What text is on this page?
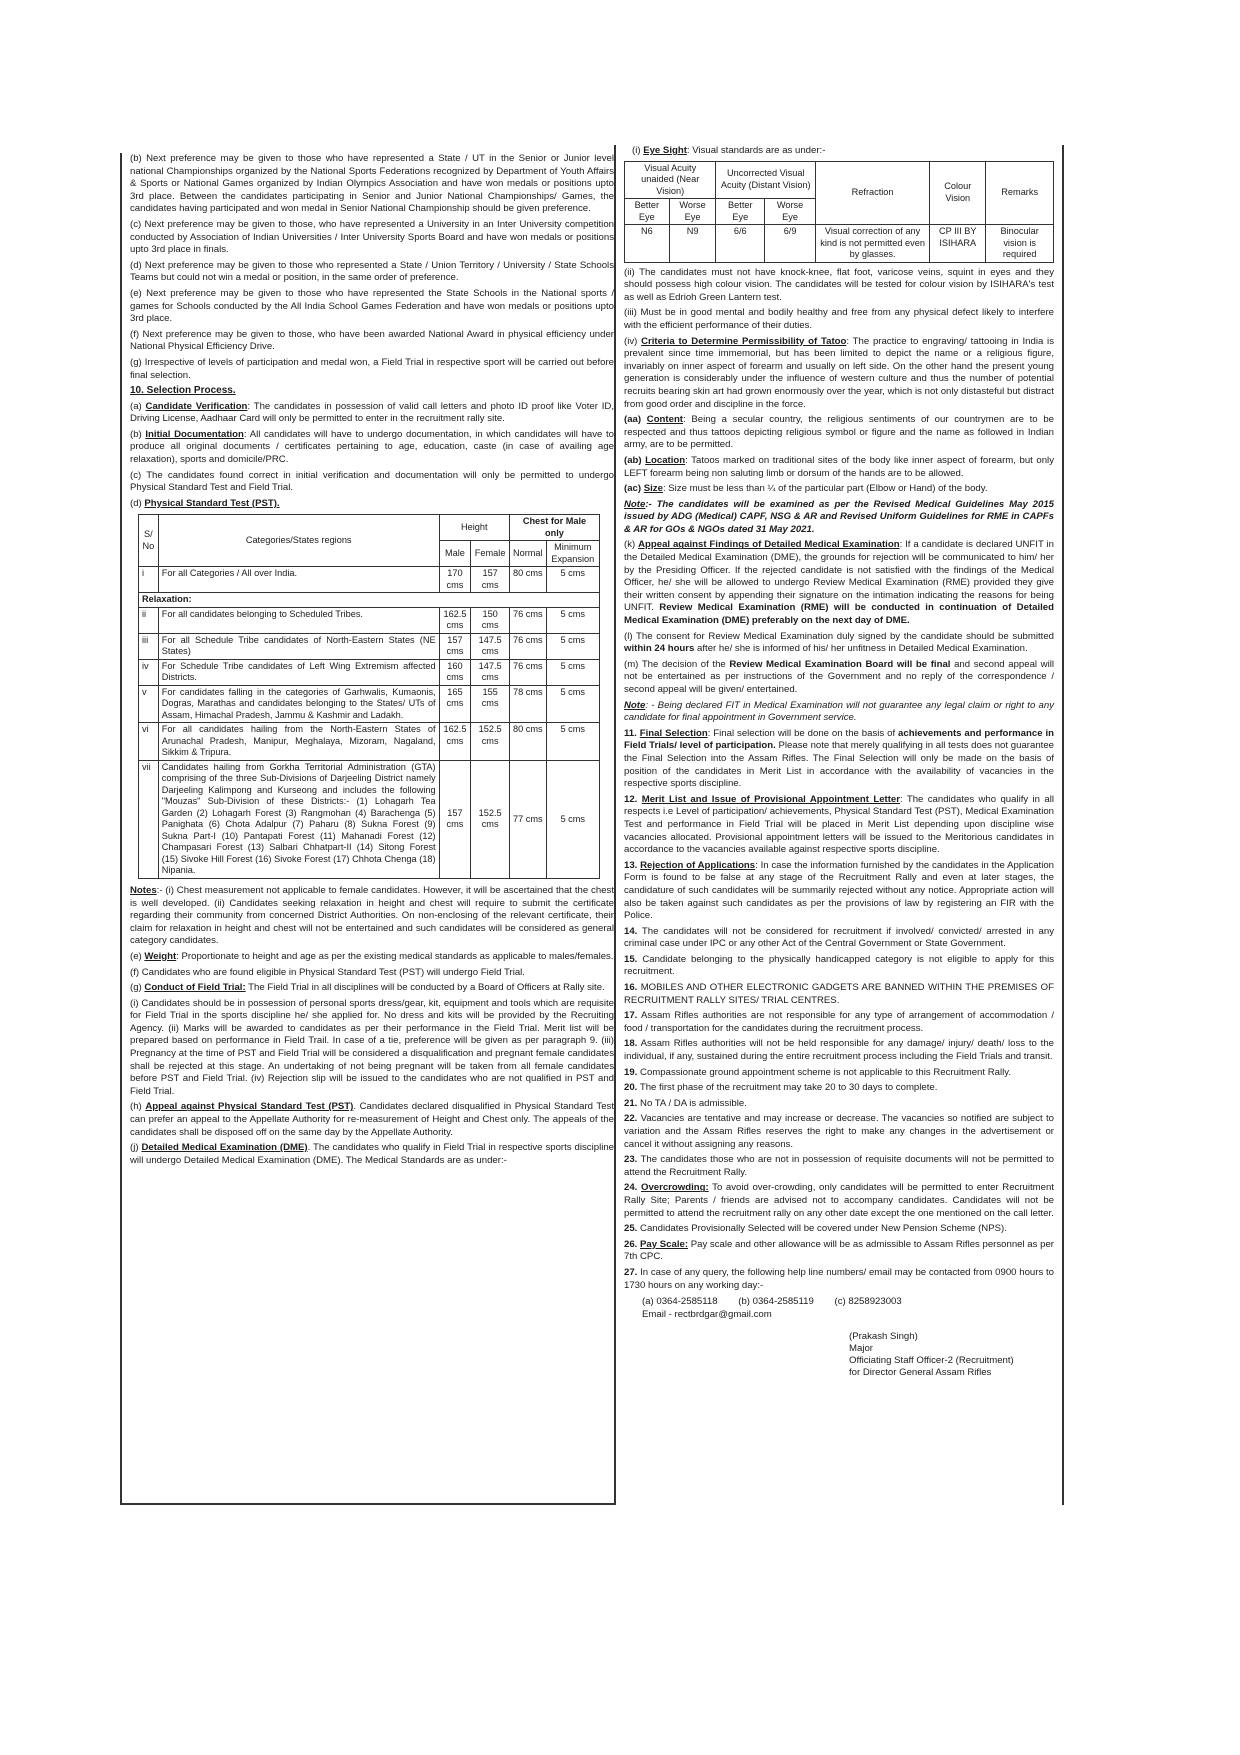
(b) Next preference may be given to those who have represented a State / UT in the Senior or Junior level national Championships organized by the National Sports Federations recognized by Department of Youth Affairs & Sports or National Games organized by Indian Olympics Association and have won medals or positions upto 3rd place. Between the candidates participating in Senior and Junior National Championships/ Games, the candidates having participated and won medal in Senior National Championship should be given preference.

(c) Next preference may be given to those, who have represented a University in an Inter University competition conducted by Association of Indian Universities / Inter University Sports Board and have won medals or positions upto 3rd place in finals.

(d) Next preference may be given to those who represented a State / Union Territory / University / State Schools Teams but could not win a medal or position, in the same order of preference.

(e) Next preference may be given to those who have represented the State Schools in the National sports / games for Schools conducted by the All India School Games Federation and have won medals or positions upto 3rd place.

(f) Next preference may be given to those, who have been awarded National Award in physical efficiency under National Physical Efficiency Drive.

(g) Irrespective of levels of participation and medal won, a Field Trial in respective sport will be carried out before final selection.

10. Selection Process.

(a) Candidate Verification: The candidates in possession of valid call letters and photo ID proof like Voter ID, Driving License, Aadhaar Card will only be permitted to enter in the recruitment rally site.

(b) Initial Documentation: All candidates will have to undergo documentation, in which candidates will have to produce all original documents / certificates pertaining to age, education, caste (in case of availing age relaxation), sports and domicile/PRC.

(c) The candidates found correct in initial verification and documentation will only be permitted to undergo Physical Standard Test and Field Trial.

(d) Physical Standard Test (PST).

S/ No	Categories/States regions	Height		Chest for Male only	
		Male	Female	Normal	Minimum Expansion
i	For all Categories / All over India.	170 cms	157 cms	80 cms	5 cms
Relaxation:					
ii	For all candidates belonging to Scheduled Tribes.	162.5 cms	150 cms	76 cms	5 cms
iii	For all Schedule Tribe candidates of North-Eastern States (NE States)	157 cms	147.5 cms	76 cms	5 cms
iv	For Schedule Tribe candidates of Left Wing Extremism affected Districts.	160 cms	147.5 cms	76 cms	5 cms
v	For candidates falling in the categories of Garhwalis, Kumaonis, Dogras, Marathas and candidates belonging to the States/ UTs of Assam, Himachal Pradesh, Jammu & Kashmir and Ladakh.	165 cms	155 cms	78 cms	5 cms
vi	For all candidates hailing from the North-Eastern States of Arunachal Pradesh, Manipur, Meghalaya, Mizoram, Nagaland, Sikkim & Tripura.	162.5 cms	152.5 cms	80 cms	5 cms
vii	Candidates hailing from Gorkha Territorial Administration (GTA) comprising of the three Sub-Divisions of Darjeeling District namely Darjeeling Kalimpong and Kurseong and includes the following "Mouzas" Sub-Division of these Districts:- (1) Lohagarh Tea Garden (2) Lohagarh Forest (3) Rangmohan (4) Barachenga (5) Panighata (6) Chota Adalpur (7) Paharu (8) Sukna Forest (9) Sukna Part-I (10) Pantapati Forest (11) Mahanadi Forest (12) Champasari Forest (13) Salbari Chhatpart-II (14) Sitong Forest (15) Sivoke Hill Forest (16) Sivoke Forest (17) Chhota Chenga (18) Nipania.	157 cms	152.5 cms	77 cms	5 cms

Notes:- (i) Chest measurement not applicable to female candidates. However, it will be ascertained that the chest is well developed. (ii) Candidates seeking relaxation in height and chest will require to submit the certificate regarding their community from concerned District Authorities. On non-enclosing of the relevant certificate, their claim for relaxation in height and chest will not be entertained and such candidates will be considered as general category candidates.

(e) Weight: Proportionate to height and age as per the existing medical standards as applicable to males/females.

(f) Candidates who are found eligible in Physical Standard Test (PST) will undergo Field Trial.

(g) Conduct of Field Trial: The Field Trial in all disciplines will be conducted by a Board of Officers at Rally site.

(i) Candidates should be in possession of personal sports dress/gear, kit, equipment and tools which are requisite for Field Trial in the sports discipline he/ she applied for. No dress and kits will be provided by the Recruiting Agency. (ii) Marks will be awarded to candidates as per their performance in the Field Trial. Merit list will be prepared based on performance in Field Trail. In case of a tie, preference will be given as per paragraph 9. (iii) Pregnancy at the time of PST and Field Trial will be considered a disqualification and pregnant female candidates shall be rejected at this stage. An undertaking of not being pregnant will be taken from all female candidates before PST and Field Trial. (iv) Rejection slip will be issued to the candidates who are not qualified in PST and Field Trial.

(h) Appeal against Physical Standard Test (PST). Candidates declared disqualified in Physical Standard Test can prefer an appeal to the Appellate Authority for re-measurement of Height and Chest only. The appeals of the candidates shall be disposed off on the same day by the Appellate Authority.

(j) Detailed Medical Examination (DME). The candidates who qualify in Field Trial in respective sports discipline will undergo Detailed Medical Examination (DME). The Medical Standards are as under:-

(i) Eye Sight: Visual standards are as under:-

Visual Acuity unaided (Near Vision)		Uncorrected Visual Acuity (Distant Vision)		Refraction	Colour Vision	Remarks
Better Eye	Worse Eye	Better Eye	Worse Eye			
N6	N9	6/6	6/9	Visual correction of any kind is not permitted even by glasses.	CP III BY ISIHARA	Binocular vision is required

(ii) The candidates must not have knock-knee, flat foot, varicose veins, squint in eyes and they should possess high colour vision. The candidates will be tested for colour vision by ISIHARA's test as well as Edrioh Green Lantern test.

(iii) Must be in good mental and bodily healthy and free from any physical defect likely to interfere with the efficient performance of their duties.

(iv) Criteria to Determine Permissibility of Tatoo: The practice to engraving/ tattooing in India is prevalent since time immemorial, but has been limited to depict the name or a religious figure, invariably on inner aspect of forearm and usually on left side. On the other hand the present young generation is considerably under the influence of western culture and thus the number of potential recruits bearing skin art had grown enormously over the year, which is not only distasteful but distract from good order and discipline in the force.

(aa) Content: Being a secular country, the religious sentiments of our countrymen are to be respected and thus tattoos depicting religious symbol or figure and the name as followed in Indian army, are to be permitted.

(ab) Location: Tatoos marked on traditional sites of the body like inner aspect of forearm, but only LEFT forearm being non saluting limb or dorsum of the hands are to be allowed.

(ac) Size: Size must be less than ¼ of the particular part (Elbow or Hand) of the body.

Note:- The candidates will be examined as per the Revised Medical Guidelines May 2015 issued by ADG (Medical) CAPF, NSG & AR and Revised Uniform Guidelines for RME in CAPFs & AR for GOs & NGOs dated 31 May 2021.

(k) Appeal against Findings of Detailed Medical Examination: If a candidate is declared UNFIT in the Detailed Medical Examination (DME), the grounds for rejection will be communicated to him/ her by the Presiding Officer. If the rejected candidate is not satisfied with the findings of the Medical Officer, he/ she will be allowed to undergo Review Medical Examination (RME) provided they give their written consent by appending their signature on the intimation indicating the reasons for being UNFIT. Review Medical Examination (RME) will be conducted in continuation of Detailed Medical Examination (DME) preferably on the next day of DME.

(l) The consent for Review Medical Examination duly signed by the candidate should be submitted within 24 hours after he/ she is informed of his/ her unfitness in Detailed Medical Examination.

(m) The decision of the Review Medical Examination Board will be final and second appeal will not be entertained as per instructions of the Government and no reply of the correspondence / second appeal will be given/ entertained.

Note: - Being declared FIT in Medical Examination will not guarantee any legal claim or right to any candidate for final appointment in Government service.

11. Final Selection: Final selection will be done on the basis of achievements and performance in Field Trials/ level of participation. Please note that merely qualifying in all tests does not guarantee the Final Selection into the Assam Rifles. The Final Selection will only be made on the basis of position of the candidates in Merit List in accordance with the availability of vacancies in the respective sports discipline.

12. Merit List and Issue of Provisional Appointment Letter: The candidates who qualify in all respects i.e Level of participation/ achievements, Physical Standard Test (PST), Medical Examination Test and performance in Field Trial will be placed in Merit List depending upon discipline wise vacancies allocated. Provisional appointment letters will be issued to the Meritorious candidates in accordance to the vacancies available against respective sports discipline.

13. Rejection of Applications: In case the information furnished by the candidates in the Application Form is found to be false at any stage of the Recruitment Rally and even at later stages, the candidature of such candidates will be summarily rejected without any notice. Appropriate action will also be taken against such candidates as per the provisions of law by registering an FIR with the Police.

14. The candidates will not be considered for recruitment if involved/ convicted/ arrested in any criminal case under IPC or any other Act of the Central Government or State Government.

15. Candidate belonging to the physically handicapped category is not eligible to apply for this recruitment.

16. MOBILES AND OTHER ELECTRONIC GADGETS ARE BANNED WITHIN THE PREMISES OF RECRUITMENT RALLY SITES/ TRIAL CENTRES.

17. Assam Rifles authorities are not responsible for any type of arrangement of accommodation / food / transportation for the candidates during the recruitment process.

18. Assam Rifles authorities will not be held responsible for any damage/ injury/ death/ loss to the individual, if any, sustained during the entire recruitment process including the Field Trials and transit.

19. Compassionate ground appointment scheme is not applicable to this Recruitment Rally.

20. The first phase of the recruitment may take 20 to 30 days to complete.

21. No TA / DA is admissible.

22. Vacancies are tentative and may increase or decrease. The vacancies so notified are subject to variation and the Assam Rifles reserves the right to make any changes in the advertisement or cancel it without assigning any reasons.

23. The candidates those who are not in possession of requisite documents will not be permitted to attend the Recruitment Rally.

24. Overcrowding: To avoid over-crowding, only candidates will be permitted to enter Recruitment Rally Site; Parents / friends are advised not to accompany candidates. Candidates will not be permitted to attend the recruitment rally on any other date except the one mentioned on the call letter.

25. Candidates Provisionally Selected will be covered under New Pension Scheme (NPS).

26. Pay Scale: Pay scale and other allowance will be as admissible to Assam Rifles personnel as per 7th CPC.

27. In case of any query, the following help line numbers/ email may be contacted from 0900 hours to 1730 hours on any working day:-

(a) 0364-2585118 (b) 0364-2585119 (c) 8258923003
Email - rectbrdgar@gmail.com
(Prakash Singh)
Major
Officiating Staff Officer-2 (Recruitment)
for Director General Assam Rifles
